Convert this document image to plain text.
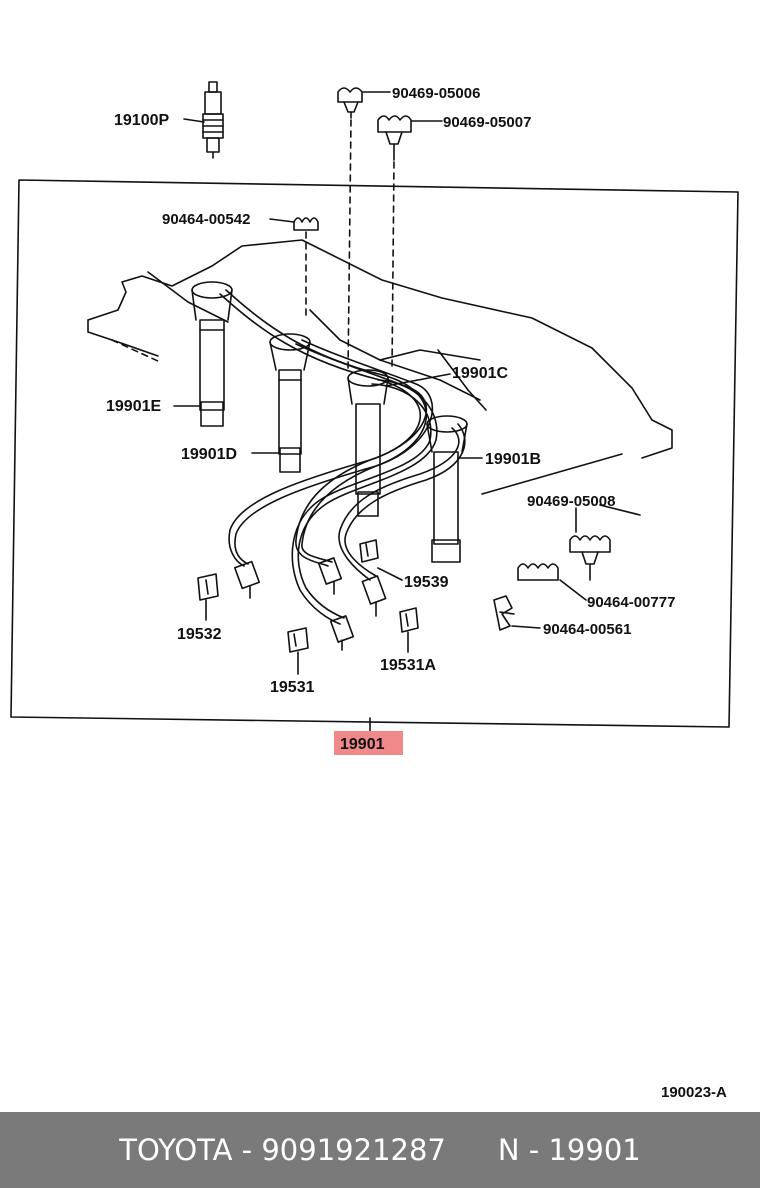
19100P
90469-05006
90469-05007
90464-00542
19901C
19901E
19901D	19901B
90469-05008
19539
90464-00777
19532	90464-00561
19531A
19531
19901
190023-A
TOYOTA - 9091921287 N - 19901
